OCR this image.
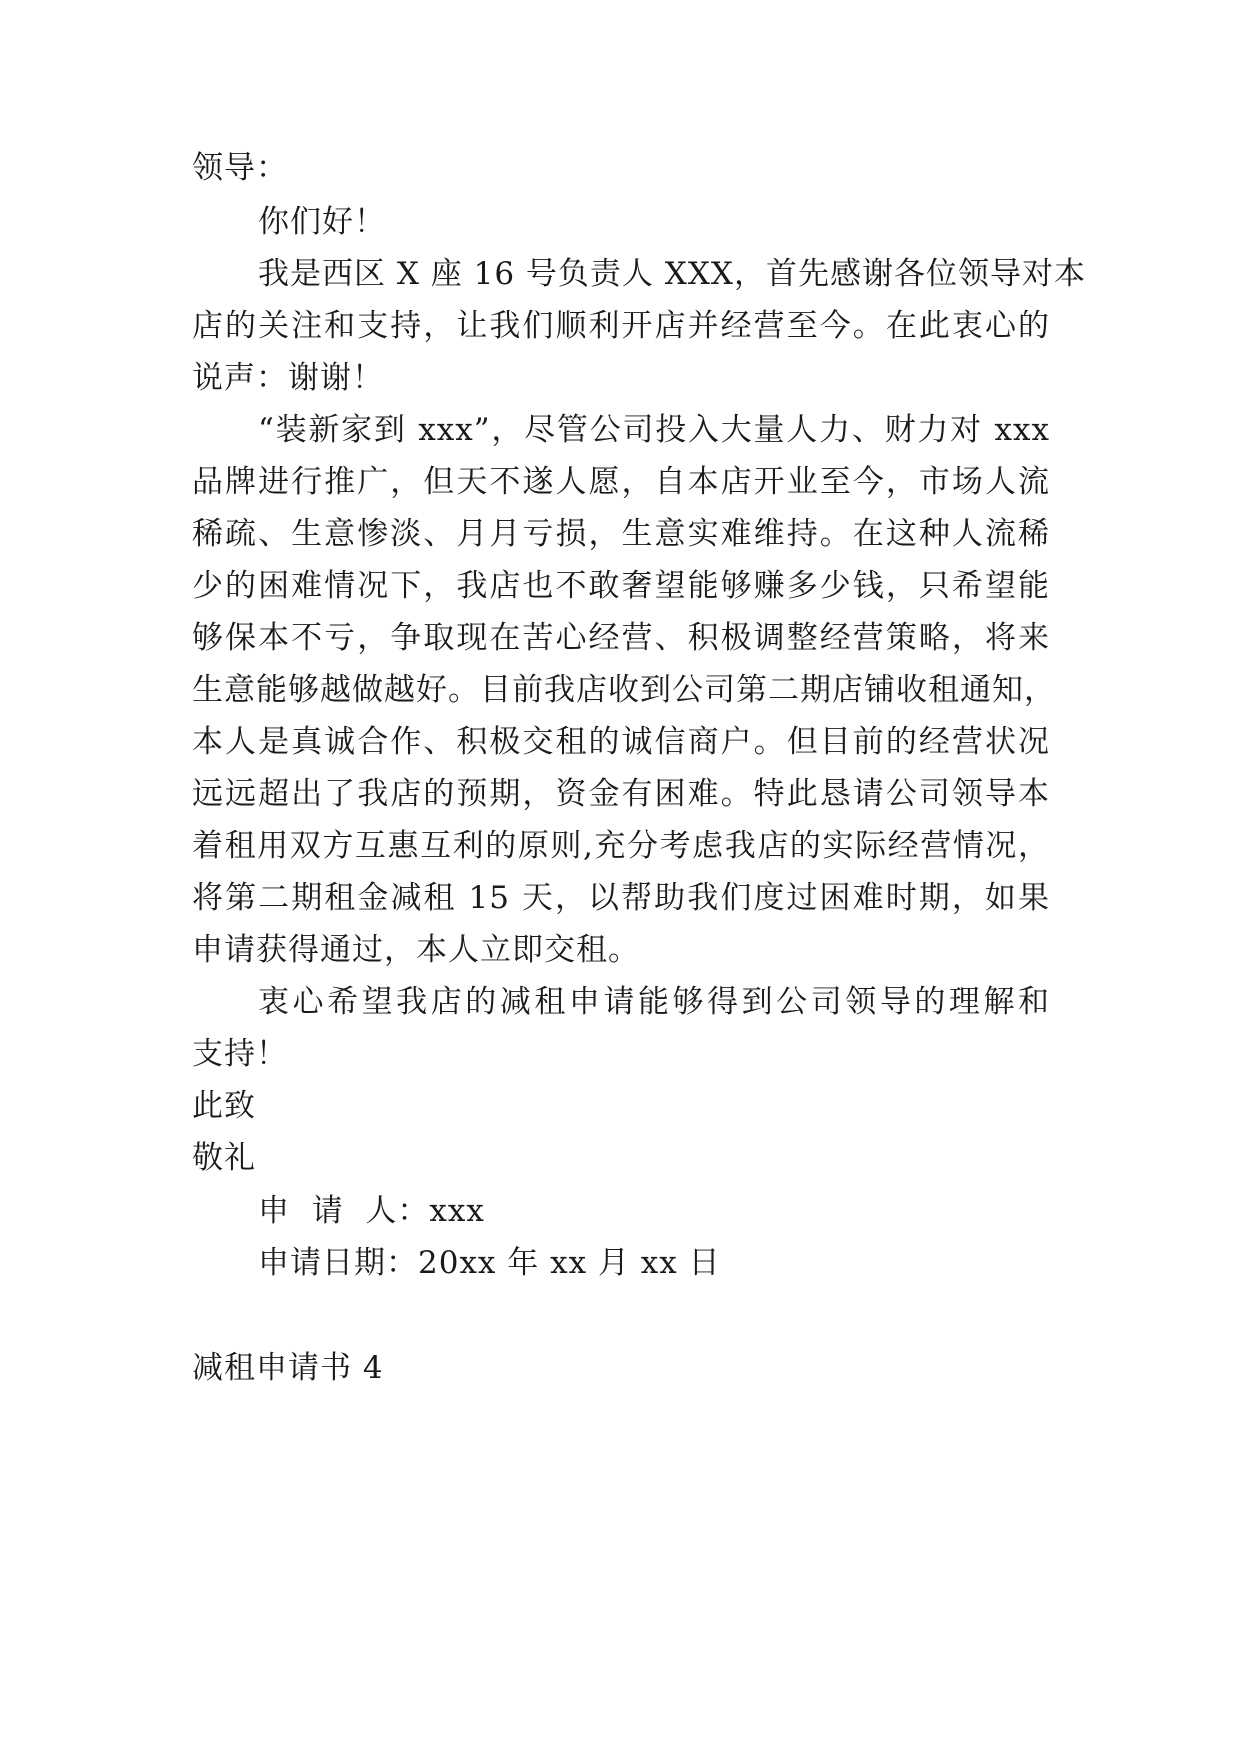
领导：
你们好！
我是西区 X 座 16 号负责人 XXX，首先感谢各位领导对本
店的关注和支持，让我们顺利开店并经营至今。在此衷心的
说声：谢谢！
“装新家到 xxx”，尽管公司投入大量人力、财力对 xxx
品牌进行推广，但天不遂人愿，自本店开业至今，市场人流
稀疏、生意惨淡、月月亏损，生意实难维持。在这种人流稀
少的困难情况下，我店也不敢奢望能够赚多少钱，只希望能
够保本不亏，争取现在苦心经营、积极调整经营策略，将来
生意能够越做越好。目前我店收到公司第二期店铺收租通知，
本人是真诚合作、积极交租的诚信商户。但目前的经营状况
远远超出了我店的预期，资金有困难。特此恳请公司领导本
着租用双方互惠互利的原则,充分考虑我店的实际经营情况，
将第二期租金减租 15 天，以帮助我们度过困难时期，如果
申请获得通过，本人立即交租。
衷心希望我店的减租申请能够得到公司领导的理解和
支持！
此致
敬礼
申  请  人：xxx
申请日期：20xx 年 xx 月 xx 日
减租申请书 4
